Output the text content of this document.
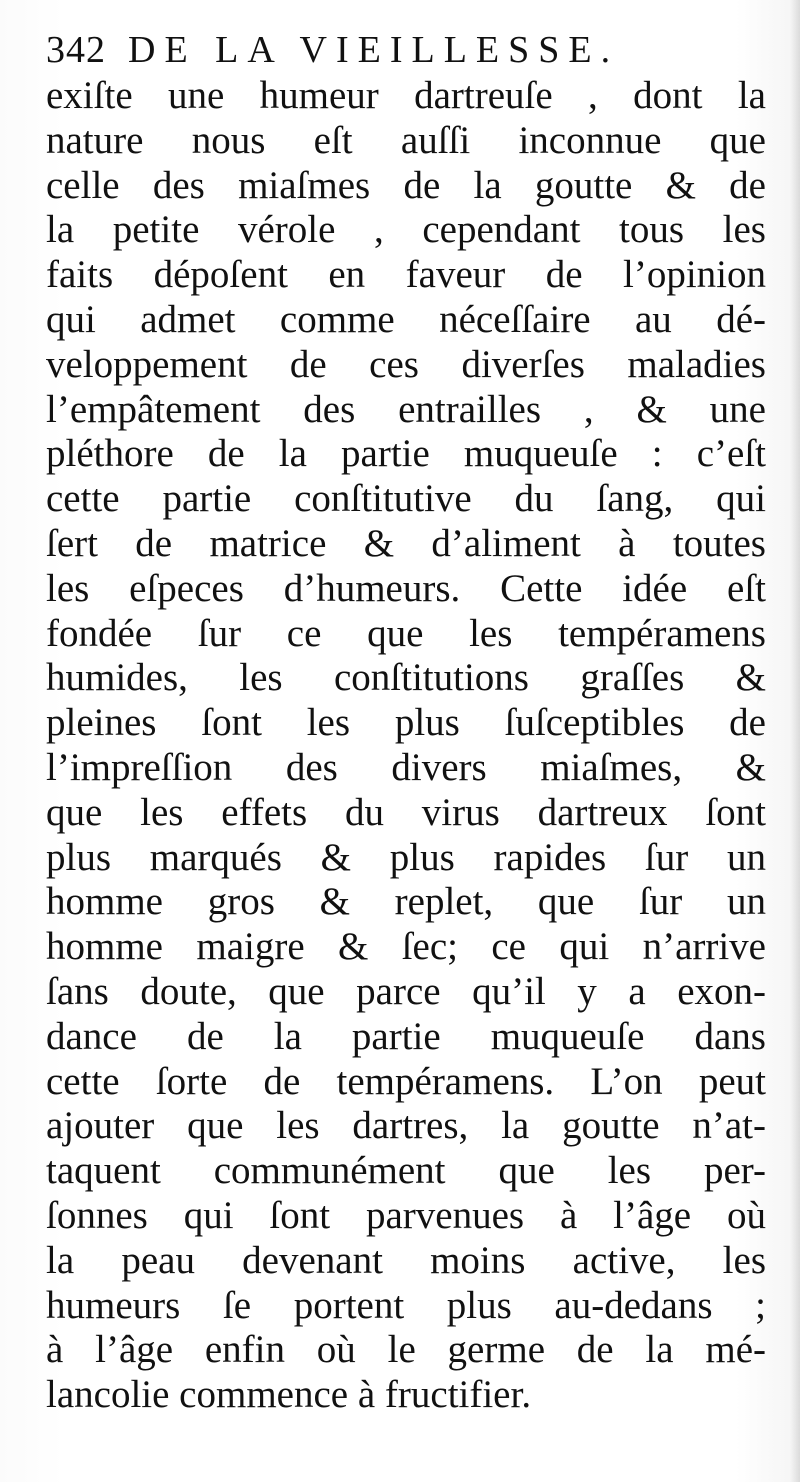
342 DE LA VIEILLESSE.
exiſte une humeur dartreuſe , dont la
nature nous eſt auſſi inconnue que
celle des miaſmes de la goutte & de
la petite vérole , cependant tous les
faits dépoſent en faveur de l’opinion
qui admet comme néceſſaire au dé-
veloppement de ces diverſes maladies
l’empâtement des entrailles , & une
pléthore de la partie muqueuſe : c’eſt
cette partie conſtitutive du ſang, qui
ſert de matrice & d’aliment à toutes
les eſpeces d’humeurs. Cette idée eſt
fondée ſur ce que les tempéramens
humides, les conſtitutions graſſes &
pleines ſont les plus ſuſceptibles de
l’impreſſion des divers miaſmes, &
que les effets du virus dartreux ſont
plus marqués & plus rapides ſur un
homme gros & replet, que ſur un
homme maigre & ſec; ce qui n’arrive
ſans doute, que parce qu’il y a exon-
dance de la partie muqueuſe dans
cette ſorte de tempéramens. L’on peut
ajouter que les dartres, la goutte n’at-
taquent communément que les per-
ſonnes qui ſont parvenues à l’âge où
la peau devenant moins active, les
humeurs ſe portent plus au-dedans ;
à l’âge enfin où le germe de la mé-
lancolie commence à fructifier.
